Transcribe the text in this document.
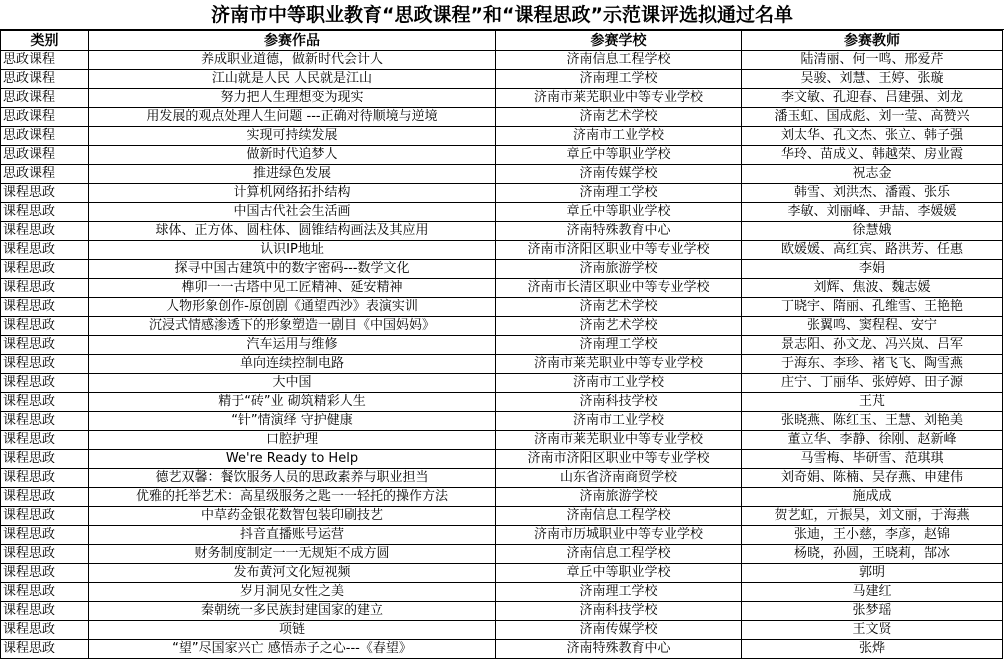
济南市中等职业教育“思政课程”和“课程思政”示范课评选拟通过名单
类别	参赛作品	参赛学校	参赛教师
思政课程	养成职业道德，做新时代会计人	济南信息工程学校	陆清丽、何一鸣、邢爱芹
思政课程	江山就是人民 人民就是江山	济南理工学校	吴骏、刘慧、王婷、张璇
思政课程	努力把人生理想变为现实	济南市莱芜职业中等专业学校	李文敏、孔迎春、吕建强、刘龙
思政课程	用发展的观点处理人生问题 ---正确对待顺境与逆境	济南艺术学校	潘玉虹、国成彪、刘一莹、高赞兴
思政课程	实现可持续发展	济南市工业学校	刘太华、孔文杰、张立、韩子强
思政课程	做新时代追梦人	章丘中等职业学校	华玲、苗成义、韩越荣、房业霞
思政课程	推进绿色发展	济南传媒学校	祝志金
课程思政	计算机网络拓扑结构	济南理工学校	韩雪、刘洪杰、潘霞、张乐
课程思政	中国古代社会生活画	章丘中等职业学校	李敏、刘丽峰、尹喆、李媛媛
课程思政	球体、正方体、圆柱体、圆锥结构画法及其应用	济南特殊教育中心	徐慧娥
课程思政	认识IP地址	济南市济阳区职业中等专业学校	欧媛媛、高红宾、路洪芳、任惠
课程思政	探寻中国古建筑中的数字密码---数学文化	济南旅游学校	李娟
课程思政	榫卯一一古塔中见工匠精神、延安精神	济南市长清区职业中等专业学校	刘辉、焦波、魏志媛
课程思政	人物形象创作-原创剧《通望西沙》表演实训	济南艺术学校	丁晓宇、隋丽、孔维雪、王艳艳
课程思政	沉浸式情感渗透下的形象塑造一剧目《中国妈妈》	济南艺术学校	张翼鸣、窦程程、安宁
课程思政	汽车运用与维修	济南理工学校	景志阳、孙文龙、冯兴岚、吕军
课程思政	单向连续控制电路	济南市莱芜职业中等专业学校	于海东、李珍、褚飞飞、陶雪燕
课程思政	大中国	济南市工业学校	庄宁、丁丽华、张婷婷、田子源
课程思政	精于“砖”业 砌筑精彩人生	济南科技学校	王芃
课程思政	“针”情演绎 守护健康	济南市工业学校	张晓燕、陈红玉、王慧、刘艳美
课程思政	口腔护理	济南市莱芜职业中等专业学校	董立华、李静、徐刚、赵新峰
课程思政	We're Ready to Help	济南市济阳区职业中等专业学校	马雪梅、毕研雪、范琪琪
课程思政	德艺双馨：餐饮服务人员的思政素养与职业担当	山东省济南商贸学校	刘奇娟、陈楠、吴存燕、申建伟
课程思政	优雅的托举艺术：高星级服务之匙一一轻托的操作方法	济南旅游学校	施成成
课程思政	中草药金银花数智包装印刷技艺	济南信息工程学校	贺艺虹，亓振昊，刘文丽，于海燕
课程思政	抖音直播账号运营	济南市历城职业中等专业学校	张迪，王小慈，李彦，赵锦
课程思政	财务制度制定一一无规矩不成方圆	济南信息工程学校	杨晓，孙圆，王晓莉，郜冰
课程思政	发布黄河文化短视频	章丘中等职业学校	郭明
课程思政	岁月洞见女性之美	济南理工学校	马建红
课程思政	秦朝统一多民族封建国家的建立	济南科技学校	张梦瑶
课程思政	项链	济南传媒学校	王文贤
课程思政	“望”尽国家兴亡 感悟赤子之心---《春望》	济南特殊教育中心	张烨
